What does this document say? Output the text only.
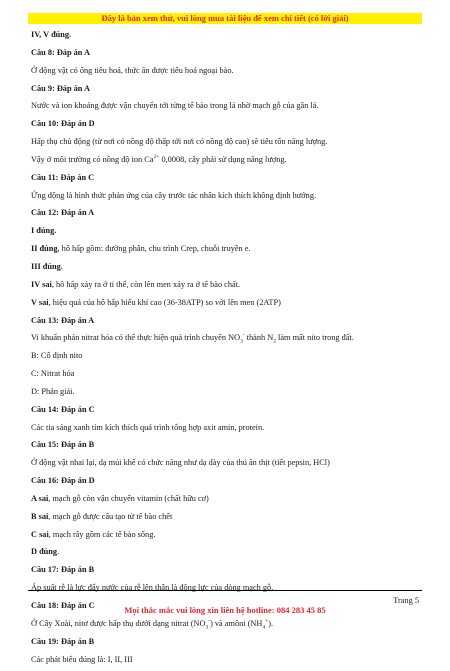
Đây là bản xem thử, vui lòng mua tài liệu để xem chi tiết (có lời giải)
IV, V đúng.
Câu 8: Đáp án A
Ở động vật có ống tiêu hoá, thức ăn được tiêu hoá ngoại bào.
Câu 9: Đáp án A
Nước và ion khoáng được vận chuyển tới từng tế bào trong lá nhờ mạch gỗ của gân lá.
Câu 10: Đáp án D
Hấp thụ chủ động (từ nơi có nồng độ thấp tới nơi có nồng độ cao) sẽ tiêu tốn năng lượng.
Vậy ở môi trường có nồng độ ion $Ca^{2+}$ 0,0008, cây phải sử dụng năng lượng.
Câu 11: Đáp án C
Ứng động là hình thức phản ứng của cây trước tác nhân kích thích không định hướng.
Câu 12: Đáp án A
I đúng.
II đúng, hô hấp gồm: đường phân, chu trình Crep, chuỗi truyền e.
III đúng.
IV sai, hô hấp xảy ra ở ti thể, còn lên men xảy ra ở tế bào chất.
V sai, hiệu quả của hô hấp hiếu khí cao (36-38ATP) so với lên men (2ATP)
Câu 13: Đáp án A
Vi khuẩn phản nitrat hóa có thể thực hiện quá trình chuyển $NO_3^-$ thành $N_2$ làm mất nito trong đất.
B: Cố định nito
C: Nitrat hóa
D: Phản giải.
Câu 14: Đáp án C
Các tia sáng xanh tím kích thích quá trình tổng hợp axit amin, protein.
Câu 15: Đáp án B
Ở động vật nhai lại, dạ múi khế có chức năng như dạ dày của thú ăn thịt (tiết pepsin, HCl)
Câu 16: Đáp án D
A sai, mạch gỗ còn vận chuyển vitamin (chất hữu cơ)
B sai, mạch gỗ được cấu tạo từ tế bào chết
C sai, mạch rây gồm các tế bào sống.
D đúng.
Câu 17: Đáp án B
Áp suất rễ là lực đẩy nước của rễ lên thân là động lực của dòng mạch gỗ.
Câu 18: Đáp án C
Ở Cây Xoài, nitơ được hấp thụ dưới dạng nitrat $(NO_3^-)$ và amôni $(NH_4^+)$.
Câu 19: Đáp án B
Các phát biểu đúng là: I, II, III
Trang 5
Mọi thắc mắc vui lòng xin liên hệ hotline: 084 283 45 85
